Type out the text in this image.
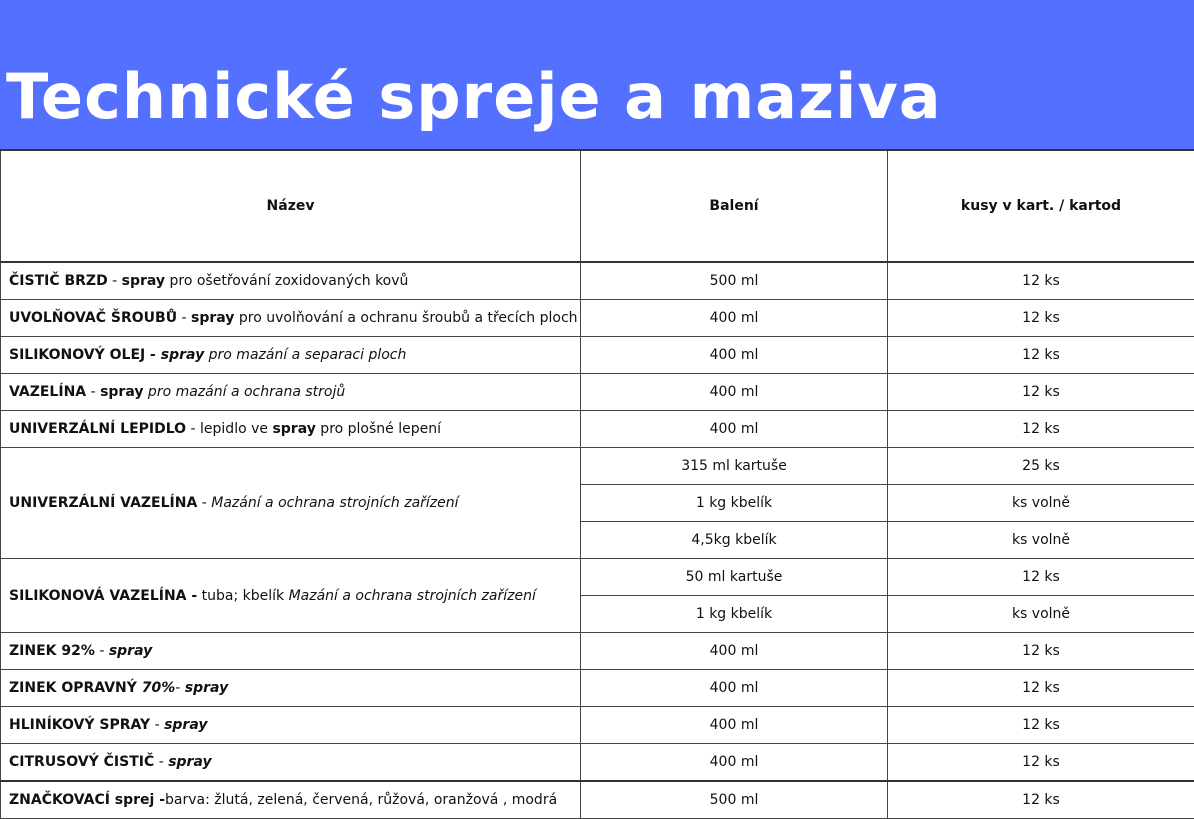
Technické spreje a maziva
Název	Balení	kusy v kart. / kartod
ČISTIČ BRZD - spray pro ošetřování zoxidovaných kovů	500 ml	12 ks
UVOLŇOVAČ ŠROUBŮ - spray pro uvolňování a ochranu šroubů a třecích ploch	400 ml	12 ks
SILIKONOVÝ OLEJ - spray pro mazání a separaci ploch	400 ml	12 ks
VAZELÍNA - spray pro mazání a ochrana strojů	400 ml	12 ks
UNIVERZÁLNÍ LEPIDLO - lepidlo ve spray pro plošné lepení	400 ml	12 ks
UNIVERZÁLNÍ VAZELÍNA - Mazání a ochrana strojních zařízení	315 ml kartuše	25 ks
	1 kg kbelík	ks volně
	4,5kg kbelík	ks volně
SILIKONOVÁ VAZELÍNA - tuba; kbelík Mazání a ochrana strojních zařízení	50 ml kartuše	12 ks
	1 kg kbelík	ks volně
ZINEK 92% - spray	400 ml	12 ks
ZINEK OPRAVNÝ 70%- spray	400 ml	12 ks
HLINÍKOVÝ SPRAY - spray	400 ml	12 ks
CITRUSOVÝ ČISTIČ - spray	400 ml	12 ks
ZNAČKOVACÍ sprej -barva: žlutá, zelená, červená, růžová, oranžová , modrá	500 ml	12 ks
